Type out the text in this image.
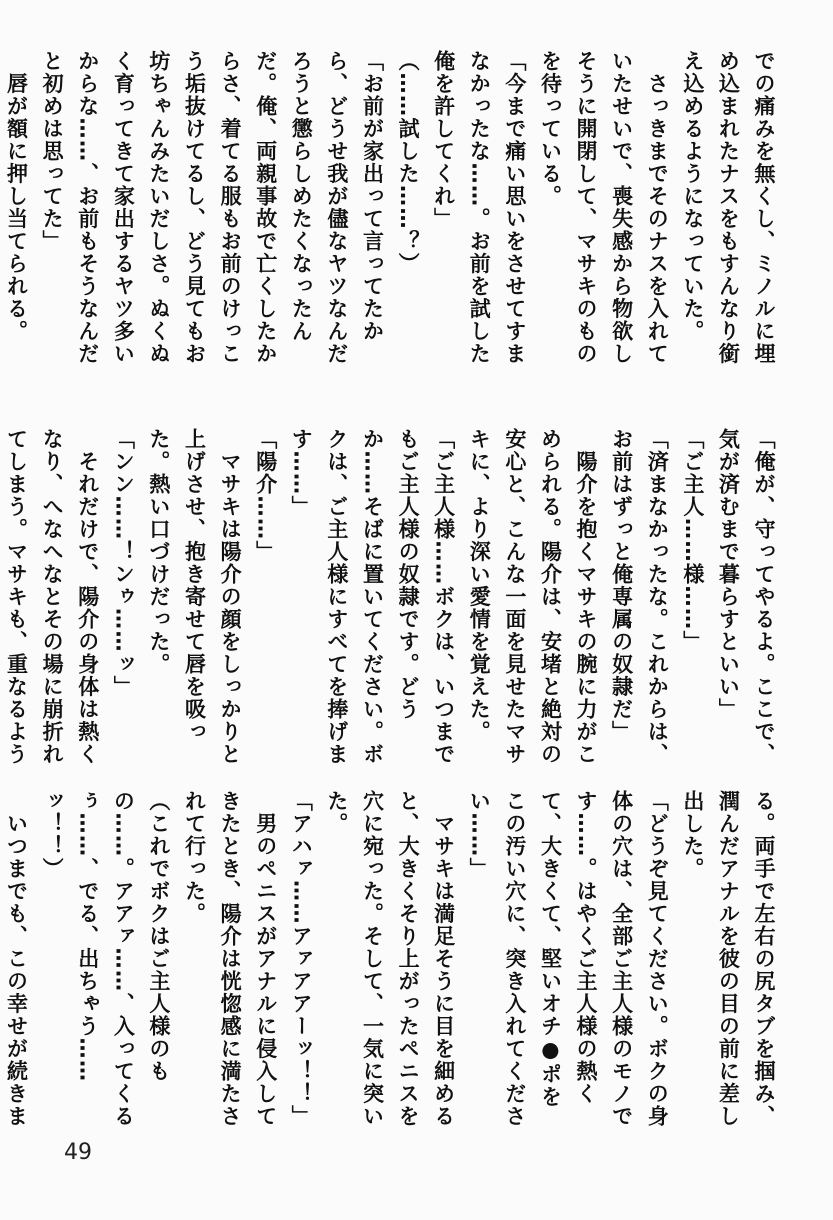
での痛みを無くし、ミノルに埋め込まれたナスをもすんなり銜え込めるようになっていた。

　さっきまでそのナスを入れていたせいで、喪失感から物欲しそうに開閉して、マサキのものを待っている。

「今まで痛い思いをさせてすまなかったな……。お前を試した俺を許してくれ」

（……試した……？）

「お前が家出って言ってたから、どうせ我が儘なヤツなんだろうと懲らしめたくなったんだ。俺、両親事故で亡くしたからさ、着てる服もお前のけっこう垢抜けてるし、どう見てもお坊ちゃんみたいだしさ。ぬくぬく育ってきて家出するヤツ多いからな……、お前もそうなんだと初めは思ってた」

　唇が額に押し当てられる。

「俺が、守ってやるよ。ここで、気が済むまで暮らすといい」

「ご主人……様……」

「済まなかったな。これからは、お前はずっと俺専属の奴隷だ」

　陽介を抱くマサキの腕に力がこめられる。陽介は、安堵と絶対の安心と、こんな一面を見せたマサキに、より深い愛情を覚えた。

「ご主人様……ボクは、いつまでもご主人様の奴隷です。どうか……そばに置いてください。ボクは、ご主人様にすべてを捧げます……」

「陽介……」

　マサキは陽介の顔をしっかりと上げさせ、抱き寄せて唇を吸った。熱い口づけだった。

「ンン……！ンゥ……ッ」

　それだけで、陽介の身体は熱くなり、へなへなとその場に崩折れてしまう。マサキも、重なるよう

る。両手で左右の尻タブを掴み、潤んだアナルを彼の目の前に差し出した。

「どうぞ見てください。ボクの身体の穴は、全部ご主人様のモノです……。はやくご主人様の熱くて、大きくて、堅いオチ●ポをこの汚い穴に、突き入れてください……」

　マサキは満足そうに目を細めると、大きくそり上がったペニスを穴に宛った。そして、一気に突いた。

「アハァ……アァアアーッ！！」

　男のペニスがアナルに侵入してきたとき、陽介は恍惚感に満たされて行った。

（これでボクはご主人様のもの……。アアァ……、入ってくるぅ……、でる、出ちゃう……ッ！！）

　いつまでも、この幸せが続きま

49
